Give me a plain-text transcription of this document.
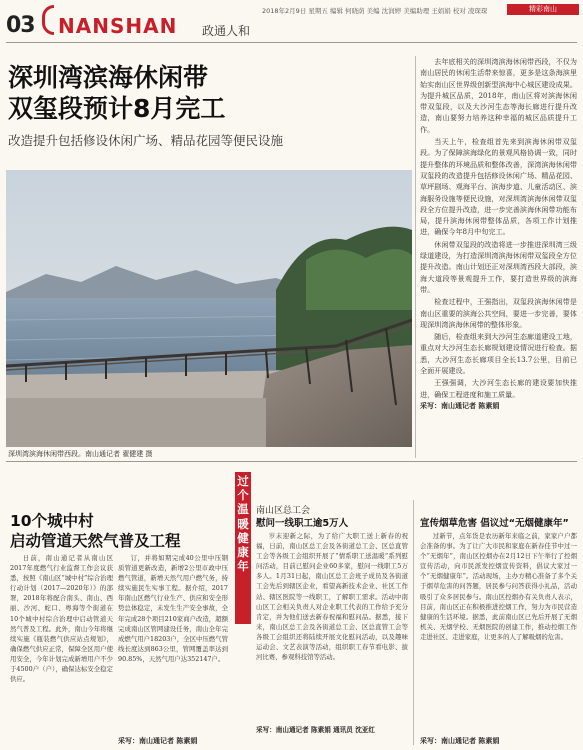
03 NANSHAN 政通人和
2018年2月9日 星期五 编辑 何晓荫 美编 沈润婷 美编助理 王娟娟 校对 凌琛琛	精彩南山
深圳湾滨海休闲带
双玺段预计8月完工
改造提升包括修设休闲广场、精品花园等便民设施
深圳湾滨海休闲带西段。南山通记者 翟健建 摄

去年底相关的深圳湾滨海休闲带西段，不仅为南山居民的休闲生活带来惊喜，更多是这条海滨里始实南山区世界级创新型滨海中心城区建设成果。为提升城区品质，2018年，南山区将对滨海休闲带双玺段，以及大沙河生态等海长廊进行提升改造，南山要努力培养这种幸福的城区品质提升工作。

当天上午，检查组首先来到滨海休闲带双玺段。为了保障滨海绿化的景观风格协调一致，同时提升整体的环境品质和整体改善，深湾滨海休闲带双玺段的改造提升包括修设休闲广场、精品花园、草坪剧场、观海平台、滨海步道、儿童活动区、滨海服务设施等便民设施，对深圳湾滨海休闲带双玺段全方位提升改造，进一步完善滨海休闲带功能布局，提升滨海休闲带整体品质，各项工作计划推进，确保今年8月中旬完工。

休闲带双玺段的改造将进一步推进深圳湾三级绿道建设，为打造深圳湾滨海休闲带双玺段全方位提升改造。南山计划还正对深圳湾西段大部段，滨海大道段等景观提升工作，要打造世界级的滨海带。

检查过程中，王强指出，双玺段滨海休闲带是南山区重要的滨海公共空间，要进一步完善，要体现深圳湾滨海休闲带的整体形象。

随后，检查组来到大沙河生态廊道建设工地，重点对大沙河生态长廊规划建设情况进行检查。据悉，大沙河生态长廊项目全长13.7公里，目前已全面开展建设。

王强强调，大沙河生态长廊的建设要加快推进，确保工程进度和施工质量。

采写：南山通记者 陈素娟
10个城中村
启动管道天然气普及工程

日前，南山通记者从南山区2017年度燃气行业监督工作会议获悉，按照《南山区“城中村”综合治理行动计划（2017—2020年）》的部署，2018年将配合南头、南山、西丽、沙河、蛇口、粤海等个街道在10个城中村综合治理中启动管道天然气普及工程。此外，南山今年将继续实施《瓶装燃气供应站点规划》，确保燃气供应正常，保障全区用户使用安全，今年计划完成新增用户不少于4500户（户），确保达标安全稳定供应。

订，并将如期完成40公里中压钢质管道更新改造，新增2公里市政中压燃气管道，新增天然气用户燃气务，持续实施民生实事工程。据介绍，2017年南山区燃气行业生产、供应和安全形势总体稳定，未发生生产安全事故，全年完成28个项目210家商户改造，超额完成南山区管网建设任务，南山全年完成燃气用户18203户，全区中压燃气管线长度达到863公里，管网覆盖率达到90.85%，天然气用户达352147户。

采写：南山通记者 陈素娟
过
个
温
暖
健
康
年
南山区总工会
慰问一线职工逾5万人

岁末迎新之际，为了给广大职工送上新春的祝福，日前，南山区总工会及各街道总工会、区总直管工会等各级工会组织开展了“情系职工送温暖”系列慰问活动，目前已慰问企业60多家，慰问一线职工5万多人。1月31日起，南山区总工会班子成员及各街道工会先后到辖区企业，看望高新技术企业、社区工作站、辖区医院等一线职工，了解职工需求。活动中南山区工会相关负责人对企业职工代表的工作给予充分肯定，并为他们送去新春祝福和慰问品。据悉，接下来，南山区总工会及各街道总工会、区总直管工会等各级工会组织还将陆续开展文化慰问活动，以及趣味运动会、文艺表演等活动，组织职工春节看电影、拔河比赛、参观科技馆等活动。

采写：南山通记者 陈素娟 通讯员 沈亚红
宣传烟草危害 倡议过“无烟健康年”

过新节，点年货是农历新年来临之前，家家户户都会准备的事。为了让广大市民和家庭在新春佳节中过一个“无烟年”，南山区控烟办在2月12日下午举行了控烟宣传活动，向市民派发控烟宣传资料，倡议大家过一个“无烟健康年”。活动现场，主办方精心准备了多个关于烟草危害的问答题，居民参与问答获得小礼品，活动吸引了众多居民参与。南山区控烟办有关负责人表示，目前，南山区正在积极推进控烟工作，努力为市民营造健康的生活环境。据悉，此前南山区已先后开展了无烟机关、无烟学校、无烟医院的创建工作，推动控烟工作走进社区、走进家庭，让更多的人了解吸烟的危害。

采写：南山通记者 陈素娟
